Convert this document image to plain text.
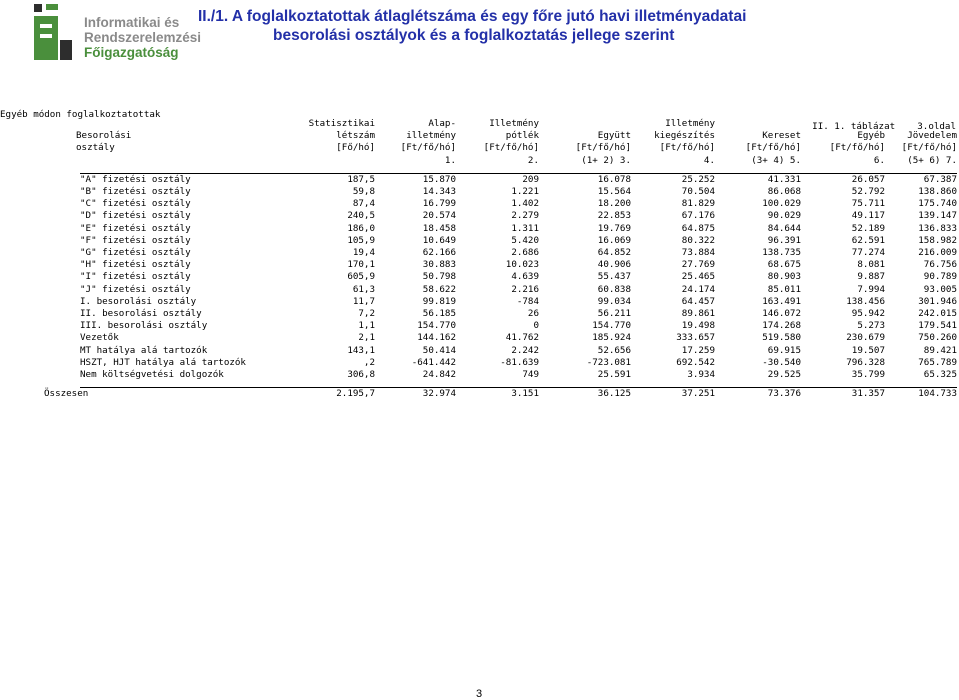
Informatikai és
Rendszerelemzési
Főigazgatóság
II./1. A foglalkoztatottak átlaglétszáma és egy főre jutó havi illetményadatai
besorolási osztályok és a foglalkoztatás jellege szerint

Egyéb módon foglalkoztatottak

II. 1. táblázat    3.oldal

		Statisztikai	Alap-	Illetmény		Illetmény			
Besorolási		létszám	illetmény	pótlék	Együtt	kiegészítés	Kereset	Egyéb	Jövedelem
osztály		[Fő/hó]	[Ft/fő/hó]	[Ft/fő/hó]	[Ft/fő/hó]	[Ft/fő/hó]	[Ft/fő/hó]	[Ft/fő/hó]	[Ft/fő/hó]
			1.	2.	(1+ 2) 3.	4.	(3+ 4) 5.	6.	(5+ 6) 7.

	"A" fizetési osztály	187,5	15.870	209	16.078	25.252	41.331	26.057	67.387
	"B" fizetési osztály	59,8	14.343	1.221	15.564	70.504	86.068	52.792	138.860
	"C" fizetési osztály	87,4	16.799	1.402	18.200	81.829	100.029	75.711	175.740
	"D" fizetési osztály	240,5	20.574	2.279	22.853	67.176	90.029	49.117	139.147
	"E" fizetési osztály	186,0	18.458	1.311	19.769	64.875	84.644	52.189	136.833
	"F" fizetési osztály	105,9	10.649	5.420	16.069	80.322	96.391	62.591	158.982
	"G" fizetési osztály	19,4	62.166	2.686	64.852	73.884	138.735	77.274	216.009
	"H" fizetési osztály	170,1	30.883	10.023	40.906	27.769	68.675	8.081	76.756
	"I" fizetési osztály	605,9	50.798	4.639	55.437	25.465	80.903	9.887	90.789
	"J" fizetési osztály	61,3	58.622	2.216	60.838	24.174	85.011	7.994	93.005
	I. besorolási osztály	11,7	99.819	-784	99.034	64.457	163.491	138.456	301.946
	II. besorolási osztály	7,2	56.185	26	56.211	89.861	146.072	95.942	242.015
	III. besorolási osztály	1,1	154.770	0	154.770	19.498	174.268	5.273	179.541
	Vezetők	2,1	144.162	41.762	185.924	333.657	519.580	230.679	750.260
	MT hatálya alá tartozók	143,1	50.414	2.242	52.656	17.259	69.915	19.507	89.421
	HSZT, HJT hatálya alá tartozók	,2	-641.442	-81.639	-723.081	692.542	-30.540	796.328	765.789
	Nem költségvetési dolgozók	306,8	24.842	749	25.591	3.934	29.525	35.799	65.325

Összesen		2.195,7	32.974	3.151	36.125	37.251	73.376	31.357	104.733
3
